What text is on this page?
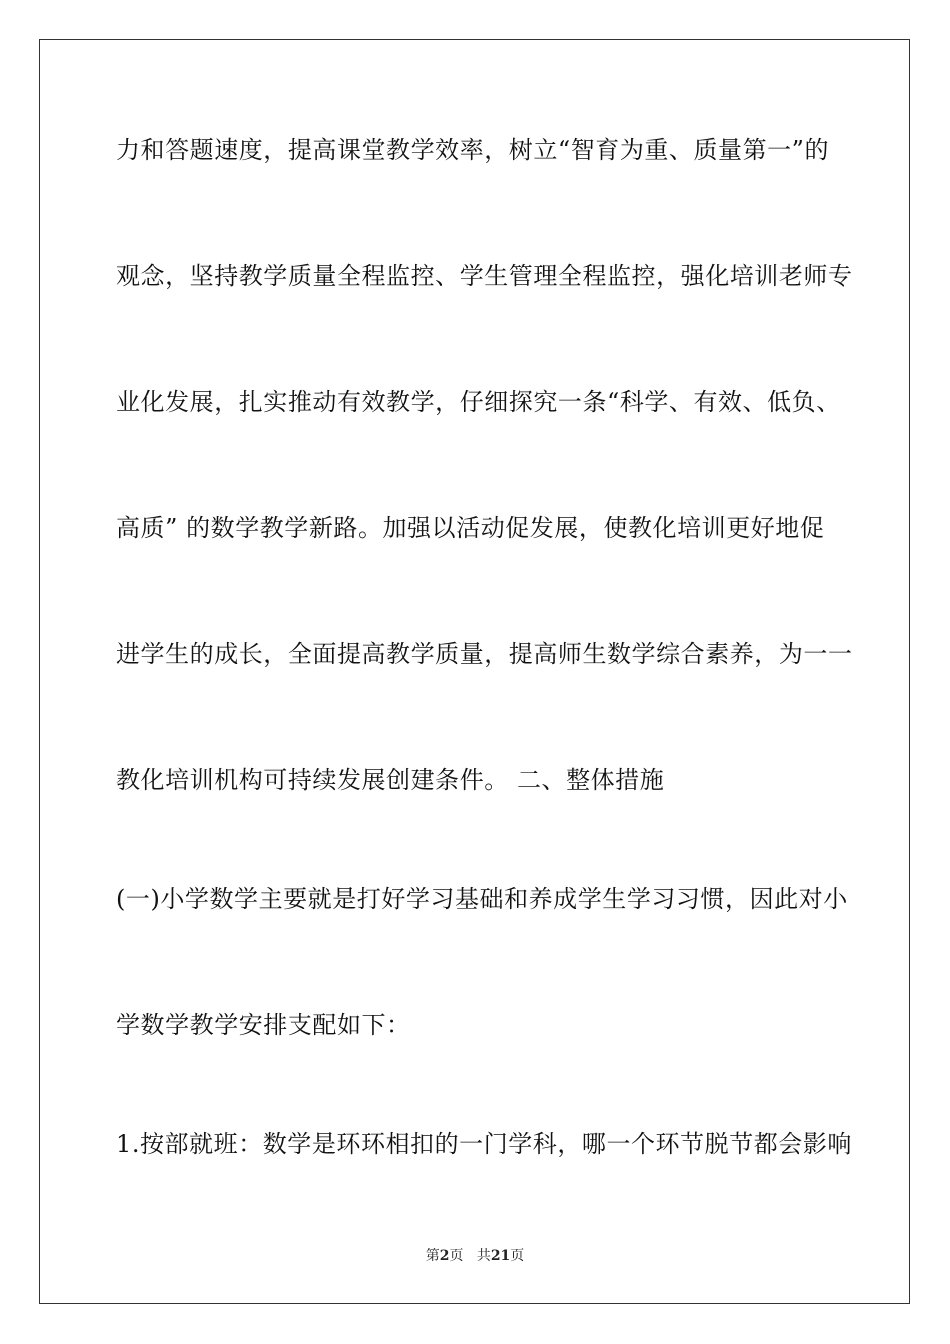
力和答题速度，提高课堂教学效率，树立“智育为重、质量第一”的
观念，坚持教学质量全程监控、学生管理全程监控，强化培训老师专
业化发展，扎实推动有效教学，仔细探究一条“科学、有效、低负、
高质” 的数学教学新路。加强以活动促发展，使教化培训更好地促
进学生的成长，全面提高教学质量，提高师生数学综合素养，为一一
教化培训机构可持续发展创建条件。 二、整体措施
(一)小学数学主要就是打好学习基础和养成学生学习习惯，因此对小
学数学教学安排支配如下：
1.按部就班：数学是环环相扣的一门学科，哪一个环节脱节都会影响
第2页 共21页
